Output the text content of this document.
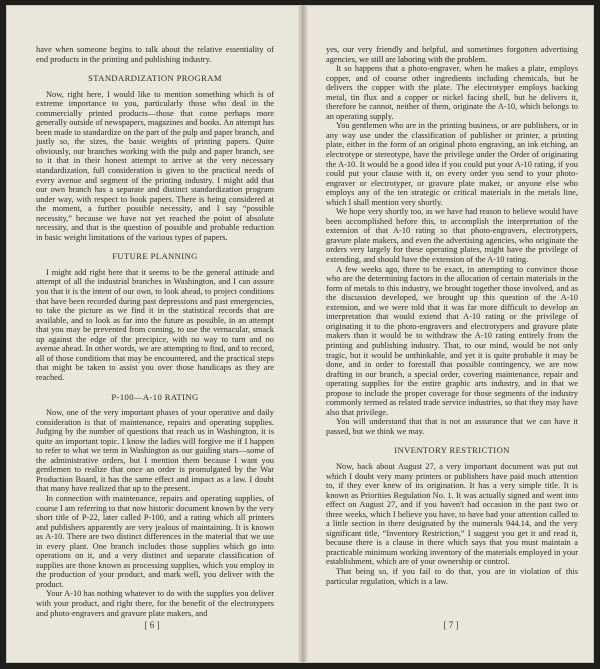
have when someone begins to talk about the relative essentiality of end products in the printing and publishing industry.

STANDARDIZATION PROGRAM

Now, right here, I would like to mention something which is of extreme importance to you, particularly those who deal in the commercially printed products—those that come perhaps more generally outside of newspapers, magazines and books. An attempt has been made to standardize on the part of the pulp and paper branch, and justly so, the sizes, the basic weights of printing papers. Quite obviously, our branches working with the pulp and paper branch, see to it that in their honest attempt to arrive at the very necessary standardization, full consideration is given to the practical needs of every avenue and segment of the printing industry. I might add that our own branch has a separate and distinct standardization program under way, with respect to book papers. There is being considered at the moment, a further possible necessity, and I say “possible necessity,” because we have not yet reached the point of absolute necessity, and that is the question of possible and probable reduction in basic weight limitations of the various types of papers.

FUTURE PLANNING

I might add right here that it seems to be the general attitude and attempt of all the industrial branches in Washington, and I can assure you that it is the intent of our own, to look ahead, to project conditions that have been recorded during past depressions and past emergencies, to take the picture as we find it in the statistical records that are available, and to look as far into the future as possible, in an attempt that you may be prevented from coming, to use the vernacular, smack up against the edge of the precipice, with no way to turn and no avenue ahead. In other words, we are attempting to find, and to record, all of those conditions that may be encountered, and the practical steps that might be taken to assist you over those handicaps as they are reached.

P-100—A-10 RATING

Now, one of the very important phases of your operative and daily consideration is that of maintenance, repairs and operating supplies. Judging by the number of questions that reach us in Washington, it is quite an important topic. I know the ladies will forgive me if I happen to refer to what we term in Washington as our guiding stars—some of the administrative orders, but I mention them because I want you gentlemen to realize that once an order is promulgated by the War Production Board, it has the same effect and impact as a law. I doubt that many have realized that up to the present.

In connection with maintenance, repairs and operating supplies, of course I am referring to that now historic document known by the very short title of P-22, later called P-100, and a rating which all printers and publishers apparently are very jealous of maintaining. It is known as A-10. There are two distinct differences in the material that we use in every plant. One branch includes those supplies which go into operations on it, and a very distinct and separate classification of supplies are those known as processing supplies, which you employ in the production of your product, and mark well, you deliver with the product.

Your A-10 has nothing whatever to do with the supplies you deliver with your product, and right there, for the benefit of the electrotypers and photo-engravers and gravure plate makers, and

[ 6 ]

yes, our very friendly and helpful, and sometimes forgotten advertising agencies, we still are laboring with the problem.

It so happens that a photo-engraver, when he makes a plate, employs copper, and of course other ingredients including chemicals, but he delivers the copper with the plate. The electrotyper employs backing metal, tin flux and a copper or nickel facing shell, but he delivers it, therefore he cannot, neither of them, originate the A-10, which belongs to an operating supply.

You gentlemen who are in the printing business, or are publishers, or in any way use under the classification of publisher or printer, a printing plate, either in the form of an original photo engraving, an ink etching, an electrotype or stereotype, have the privilege under the Order of originating the A-10. It would be a good idea if you could put your A-10 rating, if you could put your clause with it, on every order you send to your photo-engraver or electrotyper, or gravure plate maker, or anyone else who employs any of the ten strategic or critical materials in the metals line, which I shall mention very shortly.

We hope very shortly too, as we have had reason to believe would have been accomplished before this, to accomplish the interpretation of the extension of that A-10 rating so that photo-engravers, electrotypers, gravure plate makers, and even the advertising agencies, who originate the orders very largely for these operating plates, might have the privilege of extending, and should have the extension of the A-10 rating.

A few weeks ago, three to be exact, in attempting to convince those who are the determining factors in the allocation of certain materials in the form of metals to this industry, we brought together those involved, and as the discussion developed, we brought up this question of the A-10 extension, and we were told that it was far more difficult to develop an interpretation that would extend that A-10 rating or the privilege of originating it to the photo-engravers and electrotypers and gravure plate makers than it would be to withdraw the A-10 rating entirely from the printing and publishing industry. That, to our mind, would be not only tragic, but it would be unthinkable, and yet it is quite probable it may be done, and in order to forestall that possible contingency, we are now drafting in our branch, a special order, covering maintenance, repair and operating supplies for the entire graphic arts industry, and in that we propose to include the proper coverage for those segments of the industry commonly termed as related trade service industries, so that they may have also that privilege.

You will understand that that is not an assurance that we can have it passed, but we think we may.

INVENTORY RESTRICTION

Now, back about August 27, a very important document was put out which I doubt very many printers or publishers have paid much attention to, if they ever knew of its origination. It has a very simple title. It is known as Priorities Regulation No. 1. It was actually signed and went into effect on August 27, and if you haven't had occasion in the past two or three weeks, which I believe you have, to have had your attention called to a little section in there designated by the numerals 944.14, and the very significant title, “Inventory Restriction,” I suggest you get it and read it, because there is a clause in there which says that you must maintain a practicable minimum working inventory of the materials employed in your establishment, which are of your ownership or control.

That being so, if you fail to do that, you are in violation of this particular regulation, which is a law.

[ 7 ]
